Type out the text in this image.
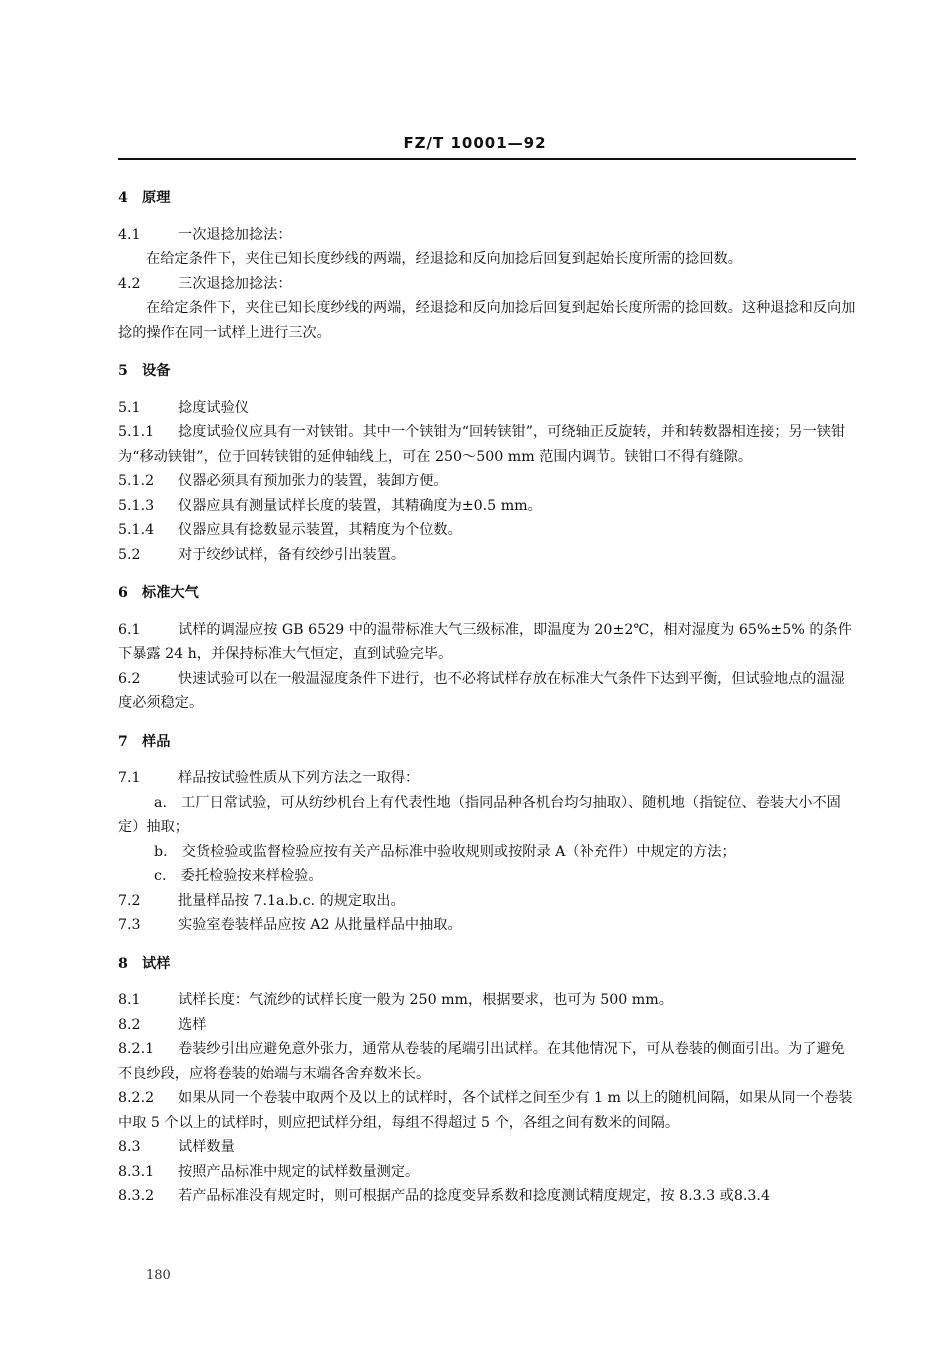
FZ/T 10001—92
4　原理

4.1	一次退捻加捻法：

在给定条件下，夹住已知长度纱线的两端，经退捻和反向加捻后回复到起始长度所需的捻回数。

4.2	三次退捻加捻法：

在给定条件下，夹住已知长度纱线的两端，经退捻和反向加捻后回复到起始长度所需的捻回数。这种退捻和反向加捻的操作在同一试样上进行三次。

5　设备

5.1	捻度试验仪

5.1.1 捻度试验仪应具有一对铗钳。其中一个铗钳为“回转铗钳”，可绕轴正反旋转，并和转数器相连接；另一铗钳为“移动铗钳”，位于回转铗钳的延伸轴线上，可在 250～500 mm 范围内调节。铗钳口不得有缝隙。

5.1.2 仪器必须具有预加张力的装置，装卸方便。

5.1.3 仪器应具有测量试样长度的装置，其精确度为±0.5 mm。

5.1.4 仪器应具有捻数显示装置，其精度为个位数。

5.2	对于绞纱试样，备有绞纱引出装置。

6　标准大气

6.1	试样的调湿应按 GB 6529 中的温带标准大气三级标准，即温度为 20±2℃，相对湿度为 65%±5% 的条件下暴露 24 h，并保持标准大气恒定，直到试验完毕。

6.2	快速试验可以在一般温湿度条件下进行，也不必将试样存放在标准大气条件下达到平衡，但试验地点的温湿度必须稳定。

7　样品

7.1	样品按试验性质从下列方法之一取得：

a.　工厂日常试验，可从纺纱机台上有代表性地（指同品种各机台均匀抽取）、随机地（指锭位、卷装大小不固定）抽取；

b.　交货检验或监督检验应按有关产品标准中验收规则或按附录 A（补充件）中规定的方法；

c.　委托检验按来样检验。

7.2	批量样品按 7.1a.b.c. 的规定取出。

7.3	实验室卷装样品应按 A2 从批量样品中抽取。

8　试样

8.1	试样长度：气流纱的试样长度一般为 250 mm，根据要求，也可为 500 mm。

8.2	选样

8.2.1 卷装纱引出应避免意外张力，通常从卷装的尾端引出试样。在其他情况下，可从卷装的侧面引出。为了避免不良纱段，应将卷装的始端与末端各舍弃数米长。

8.2.2 如果从同一个卷装中取两个及以上的试样时，各个试样之间至少有 1 m 以上的随机间隔，如果从同一个卷装中取 5 个以上的试样时，则应把试样分组，每组不得超过 5 个，各组之间有数米的间隔。

8.3	试样数量

8.3.1 按照产品标准中规定的试样数量测定。

8.3.2 若产品标准没有规定时，则可根据产品的捻度变异系数和捻度测试精度规定，按 8.3.3 或8.3.4

180
